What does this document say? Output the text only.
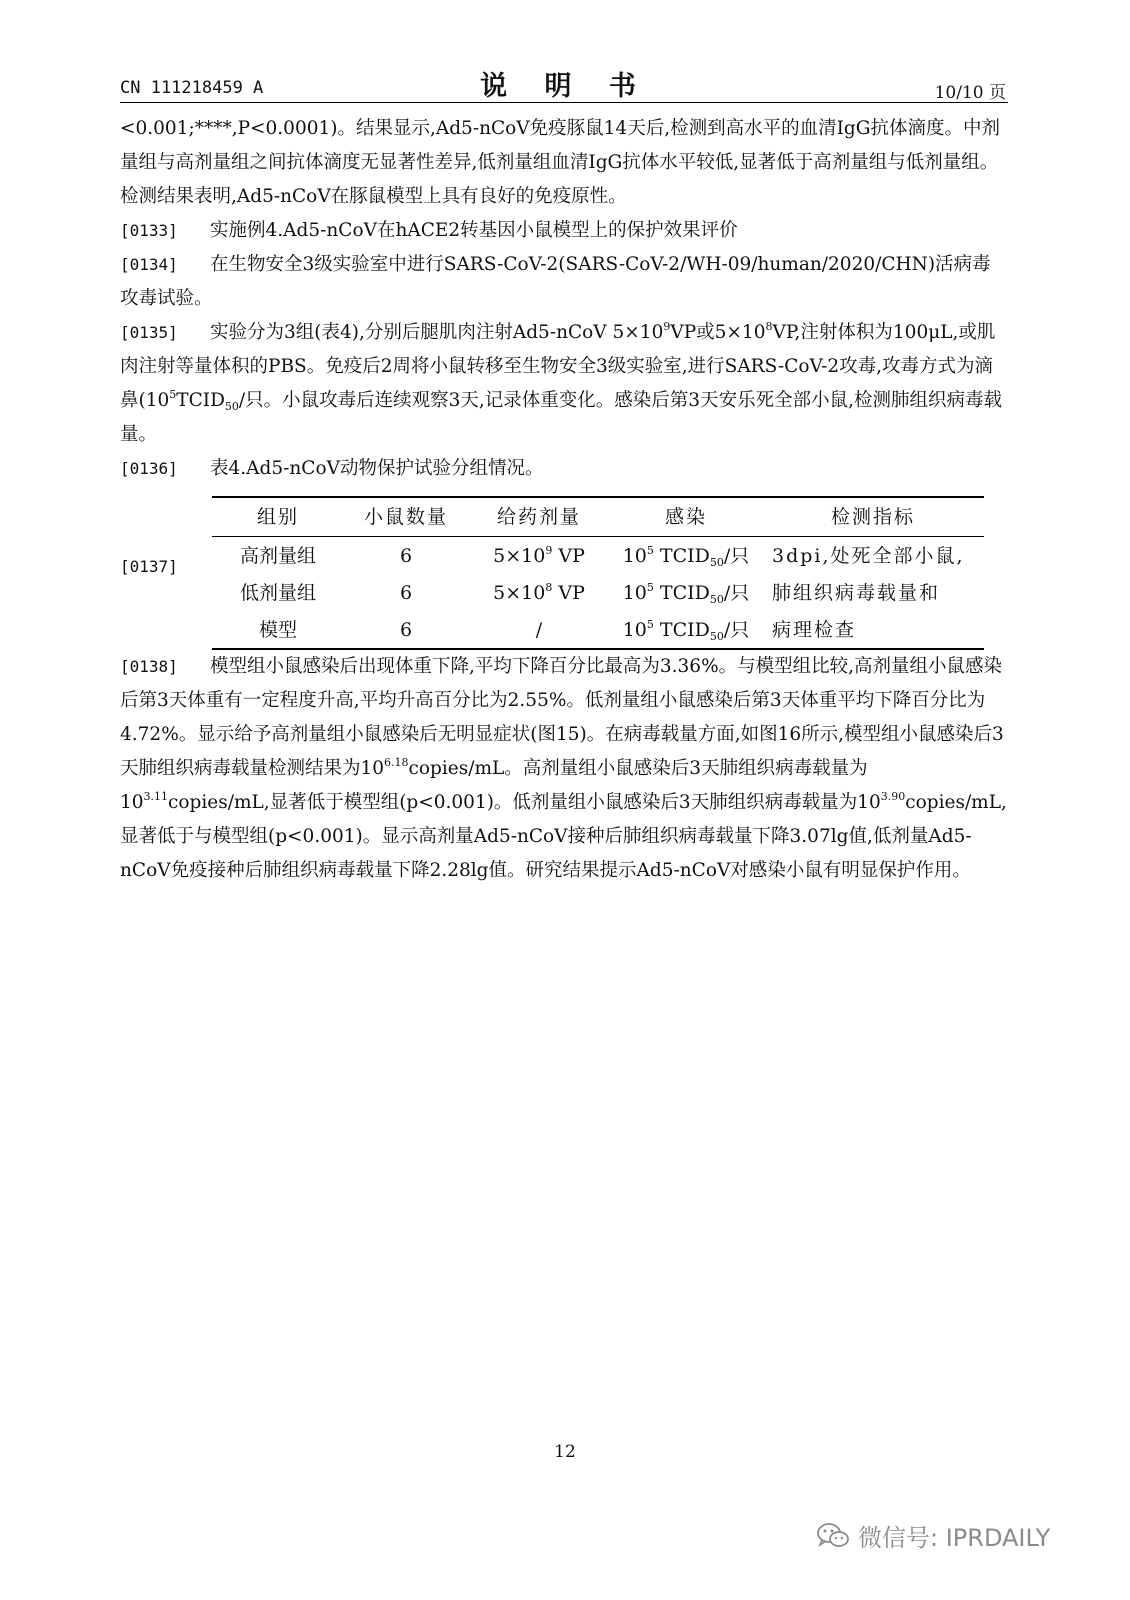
CN 111218459 A	说 明 书	10/10 页

<0.001;****,P<0.0001)。结果显示,Ad5-nCoV免疫豚鼠14天后,检测到高水平的血清IgG抗体滴度。中剂量组与高剂量组之间抗体滴度无显著性差异,低剂量组血清IgG抗体水平较低,显著低于高剂量组与低剂量组。检测结果表明,Ad5-nCoV在豚鼠模型上具有良好的免疫原性。

[0133] 实施例4.Ad5-nCoV在hACE2转基因小鼠模型上的保护效果评价

[0134] 在生物安全3级实验室中进行SARS-CoV-2(SARS-CoV-2/WH-09/human/2020/CHN)活病毒攻毒试验。

[0135] 实验分为3组(表4),分别后腿肌肉注射Ad5-nCoV $5\times 10^9VP$或$5\times 10^8VP$,注射体积为100μL,或肌肉注射等量体积的PBS。免疫后2周将小鼠转移至生物安全3级实验室,进行SARS-CoV-2攻毒,攻毒方式为滴鼻($10^5TCID_{50}/$只。小鼠攻毒后连续观察3天,记录体重变化。感染后第3天安乐死全部小鼠,检测肺组织病毒载量。

[0136] 表4.Ad5-nCoV动物保护试验分组情况。

[0137]
组别	小鼠数量	给药剂量	感染	检测指标
高剂量组	6	$5\times 10^9$ VP	$10^5$ $TCID_{50}/$只	3dpi,处死全部小鼠,
低剂量组	6	$5\times 10^8$ VP	$10^5$ $TCID_{50}/$只	肺组织病毒载量和
模型	6	/	$10^5$ $TCID_{50}/$只	病理检查

[0138] 模型组小鼠感染后出现体重下降,平均下降百分比最高为3.36%。与模型组比较,高剂量组小鼠感染后第3天体重有一定程度升高,平均升高百分比为2.55%。低剂量组小鼠感染后第3天体重平均下降百分比为4.72%。显示给予高剂量组小鼠感染后无明显症状(图15)。在病毒载量方面,如图16所示,模型组小鼠感染后3天肺组织病毒载量检测结果为$10^{6.18}copies/mL$。高剂量组小鼠感染后3天肺组织病毒载量为$10^{3.11}copies/mL$,显著低于模型组(p<0.001)。低剂量组小鼠感染后3天肺组织病毒载量为$10^{3.90}copies/mL$,显著低于与模型组(p<0.001)。显示高剂量Ad5-nCoV接种后肺组织病毒载量下降3.07lg值,低剂量Ad5-nCoV免疫接种后肺组织病毒载量下降2.28lg值。研究结果提示Ad5-nCoV对感染小鼠有明显保护作用。

12
微信号: IPRDAILY
